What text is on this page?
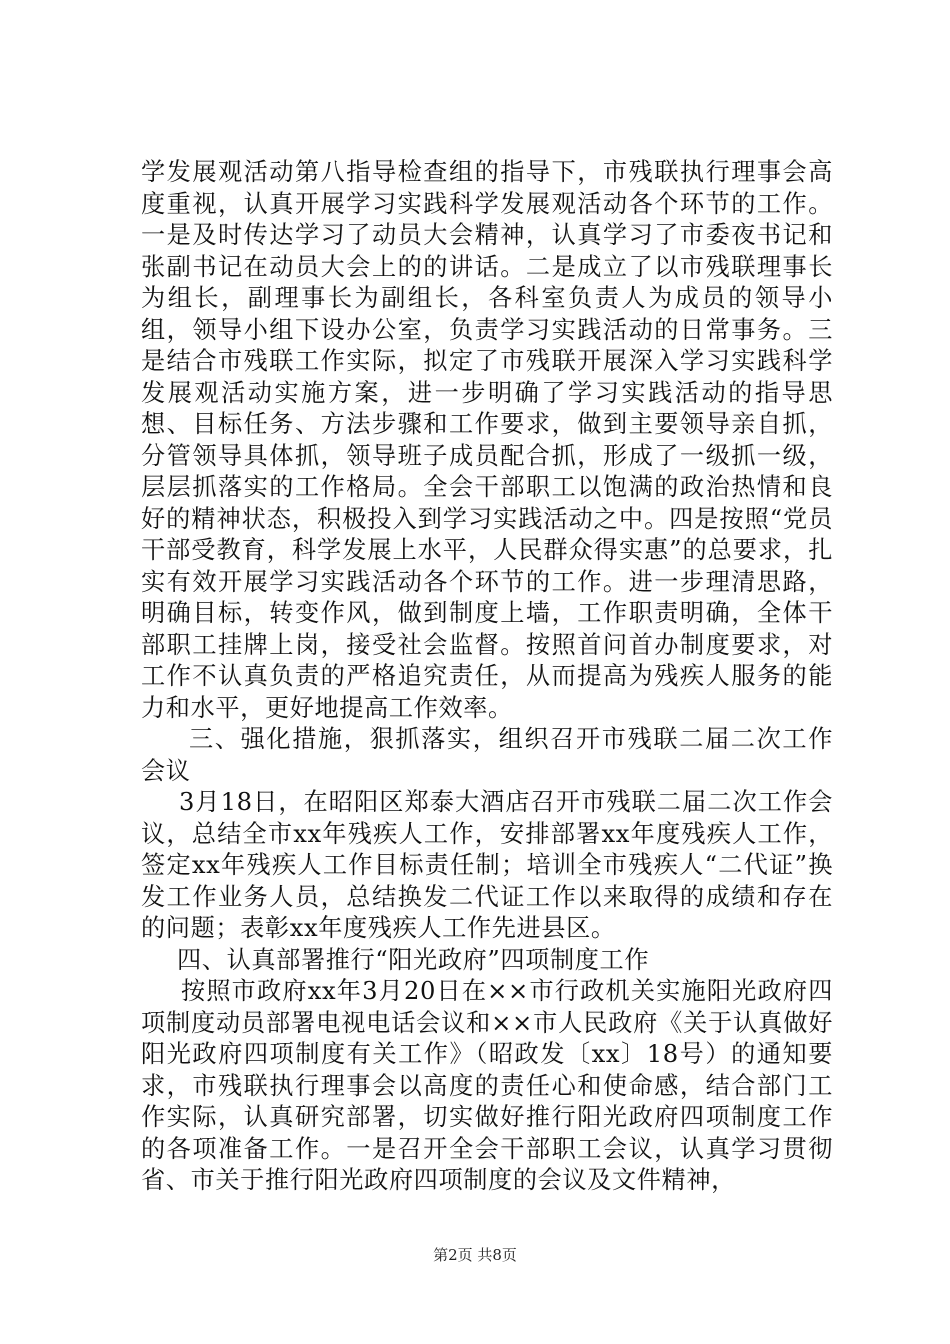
学发展观活动第八指导检查组的指导下，市残联执行理事会高度重视，认真开展学习实践科学发展观活动各个环节的工作。一是及时传达学习了动员大会精神，认真学习了市委夜书记和张副书记在动员大会上的的讲话。二是成立了以市残联理事长为组长，副理事长为副组长，各科室负责人为成员的领导小组，领导小组下设办公室，负责学习实践活动的日常事务。三是结合市残联工作实际，拟定了市残联开展深入学习实践科学发展观活动实施方案，进一步明确了学习实践活动的指导思想、目标任务、方法步骤和工作要求，做到主要领导亲自抓，分管领导具体抓，领导班子成员配合抓，形成了一级抓一级，层层抓落实的工作格局。全会干部职工以饱满的政治热情和良好的精神状态，积极投入到学习实践活动之中。四是按照“党员干部受教育，科学发展上水平，人民群众得实惠”的总要求，扎实有效开展学习实践活动各个环节的工作。进一步理清思路，明确目标，转变作风，做到制度上墙，工作职责明确，全体干部职工挂牌上岗，接受社会监督。按照首问首办制度要求，对工作不认真负责的严格追究责任，从而提高为残疾人服务的能力和水平，更好地提高工作效率。

三、强化措施，狠抓落实，组织召开市残联二届二次工作会议

3月18日，在昭阳区郑泰大酒店召开市残联二届二次工作会议，总结全市xx年残疾人工作，安排部署xx年度残疾人工作，签定xx年残疾人工作目标责任制；培训全市残疾人“二代证”换发工作业务人员，总结换发二代证工作以来取得的成绩和存在的问题；表彰xx年度残疾人工作先进县区。

四、认真部署推行“阳光政府”四项制度工作

按照市政府xx年3月20日在××市行政机关实施阳光政府四项制度动员部署电视电话会议和××市人民政府《关于认真做好阳光政府四项制度有关工作》（昭政发〔xx〕18号）的通知要求，市残联执行理事会以高度的责任心和使命感，结合部门工作实际，认真研究部署，切实做好推行阳光政府四项制度工作的各项准备工作。一是召开全会干部职工会议，认真学习贯彻省、市关于推行阳光政府四项制度的会议及文件精神，

第2页 共8页
